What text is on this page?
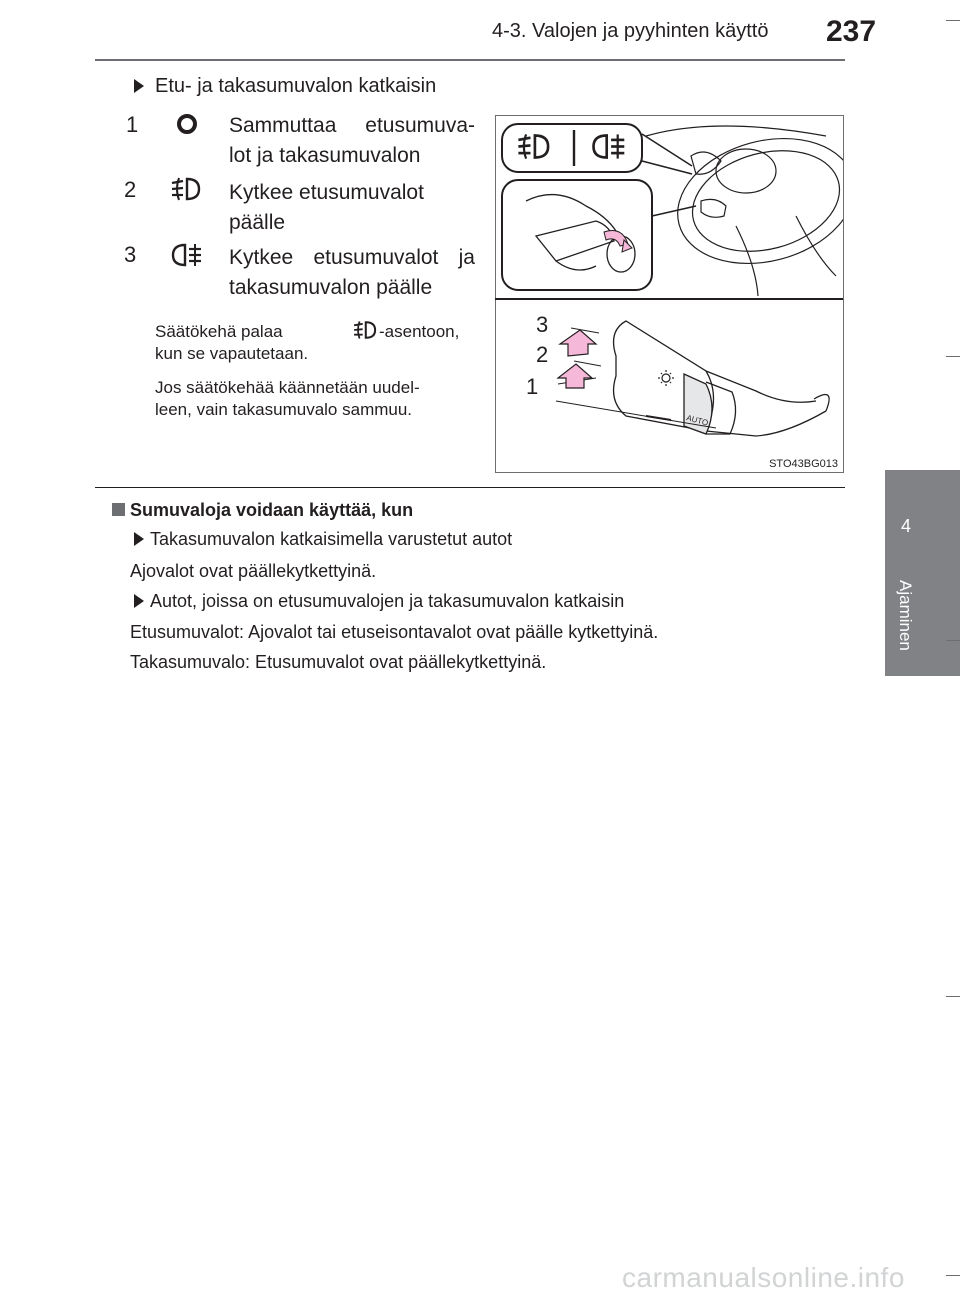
4-3. Valojen ja pyyhinten käyttö 237
4
Ajaminen
Etu- ja takasumuvalon katkaisin
1	Sammuttaa etusumuva-
lot ja takasumuvalon
2	Kytkee etusumuvalot
päälle
3	Kytkee etusumuvalot ja
takasumuvalon päälle
Säätökehä palaa	-asentoon,
kun se vapautetaan.
Jos säätökehää käännetään uudel-
leen, vain takasumuvalo sammuu.
AUTO
3
2
1
STO43BG013
Sumuvaloja voidaan käyttää, kun
Takasumuvalon katkaisimella varustetut autot
Ajovalot ovat päällekytkettyinä.
Autot, joissa on etusumuvalojen ja takasumuvalon katkaisin
Etusumuvalot: Ajovalot tai etuseisontavalot ovat päälle kytkettyinä.
Takasumuvalo: Etusumuvalot ovat päällekytkettyinä.
carmanualsonline.info
